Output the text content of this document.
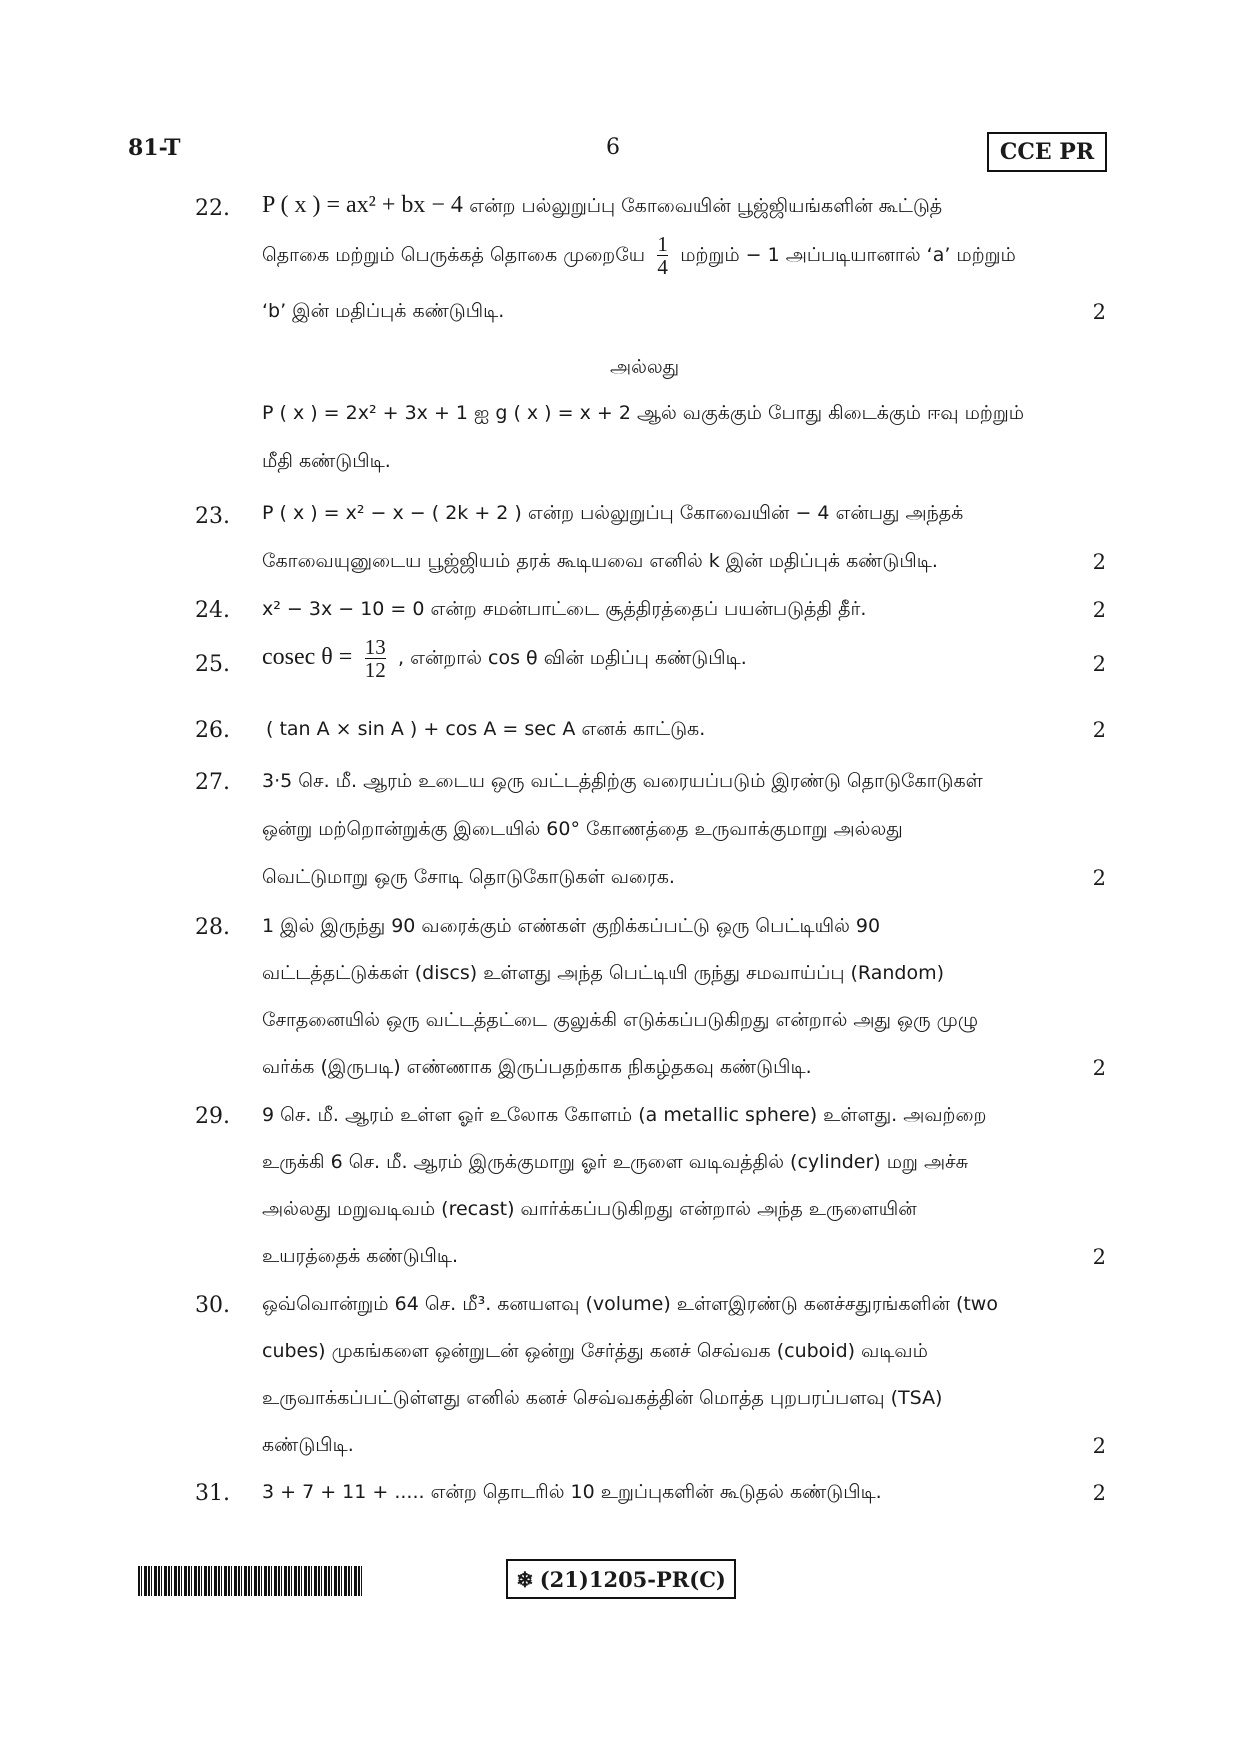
81-T	6	CCE PR
22.	P ( x ) = ax² + bx − 4 என்ற பல்லுறுப்பு கோவையின் பூஜ்ஜியங்களின் கூட்டுத்
தொகை மற்றும் பெருக்கத் தொகை முறையே $\frac{1}{4}$ மற்றும் − 1 அப்படியானால் ‘a’ மற்றும்
‘b’ இன் மதிப்புக் கண்டுபிடி.	2
அல்லது
P ( x ) = 2x² + 3x + 1 ஐ g ( x ) = x + 2 ஆல் வகுக்கும் போது கிடைக்கும் ஈவு மற்றும்
மீதி கண்டுபிடி.
23.	P ( x ) = x² − x − ( 2k + 2 ) என்ற பல்லுறுப்பு கோவையின் − 4 என்பது அந்தக்
கோவையுனுடைய பூஜ்ஜியம் தரக் கூடியவை எனில் k இன் மதிப்புக் கண்டுபிடி.	2
24.	x² − 3x − 10 = 0 என்ற சமன்பாட்டை சூத்திரத்தைப் பயன்படுத்தி தீர்.	2
25.	cosec $\theta = \frac{13}{12}$ , என்றால் cos θ வின் மதிப்பு கண்டுபிடி.	2
26.	( tan A × sin A ) + cos A = sec A எனக் காட்டுக.	2
27.	3·5 செ. மீ. ஆரம் உடைய ஒரு வட்டத்திற்கு வரையப்படும் இரண்டு தொடுகோடுகள்
ஒன்று மற்றொன்றுக்கு இடையில் 60° கோணத்தை உருவாக்குமாறு அல்லது
வெட்டுமாறு ஒரு சோடி தொடுகோடுகள் வரைக.	2
28.	1 இல் இருந்து 90 வரைக்கும் எண்கள் குறிக்கப்பட்டு ஒரு பெட்டியில் 90
வட்டத்தட்டுக்கள் (discs) உள்ளது அந்த பெட்டியி ருந்து சமவாய்ப்பு (Random)
சோதனையில் ஒரு வட்டத்தட்டை குலுக்கி எடுக்கப்படுகிறது என்றால் அது ஒரு முழு
வர்க்க (இருபடி) எண்ணாக இருப்பதற்காக நிகழ்தகவு கண்டுபிடி.	2
29.	9 செ. மீ. ஆரம் உள்ள ஓர் உலோக கோளம் (a metallic sphere) உள்ளது. அவற்றை
உருக்கி 6 செ. மீ. ஆரம் இருக்குமாறு ஓர் உருளை வடிவத்தில் (cylinder) மறு அச்சு
அல்லது மறுவடிவம் (recast) வார்க்கப்படுகிறது என்றால் அந்த உருளையின்
உயரத்தைக் கண்டுபிடி.	2
30.	ஒவ்வொன்றும் 64 செ. மீ³. கனயளவு (volume) உள்ளஇரண்டு கனச்சதுரங்களின் (two
cubes) முகங்களை ஒன்றுடன் ஒன்று சேர்த்து கனச் செவ்வக (cuboid) வடிவம்
உருவாக்கப்பட்டுள்ளது எனில் கனச் செவ்வகத்தின் மொத்த புறபரப்பளவு (TSA)
கண்டுபிடி.	2
31.	3 + 7 + 11 + ..... என்ற தொடரில் 10 உறுப்புகளின் கூடுதல் கண்டுபிடி.	2
❄ (21)1205-PR(C)
